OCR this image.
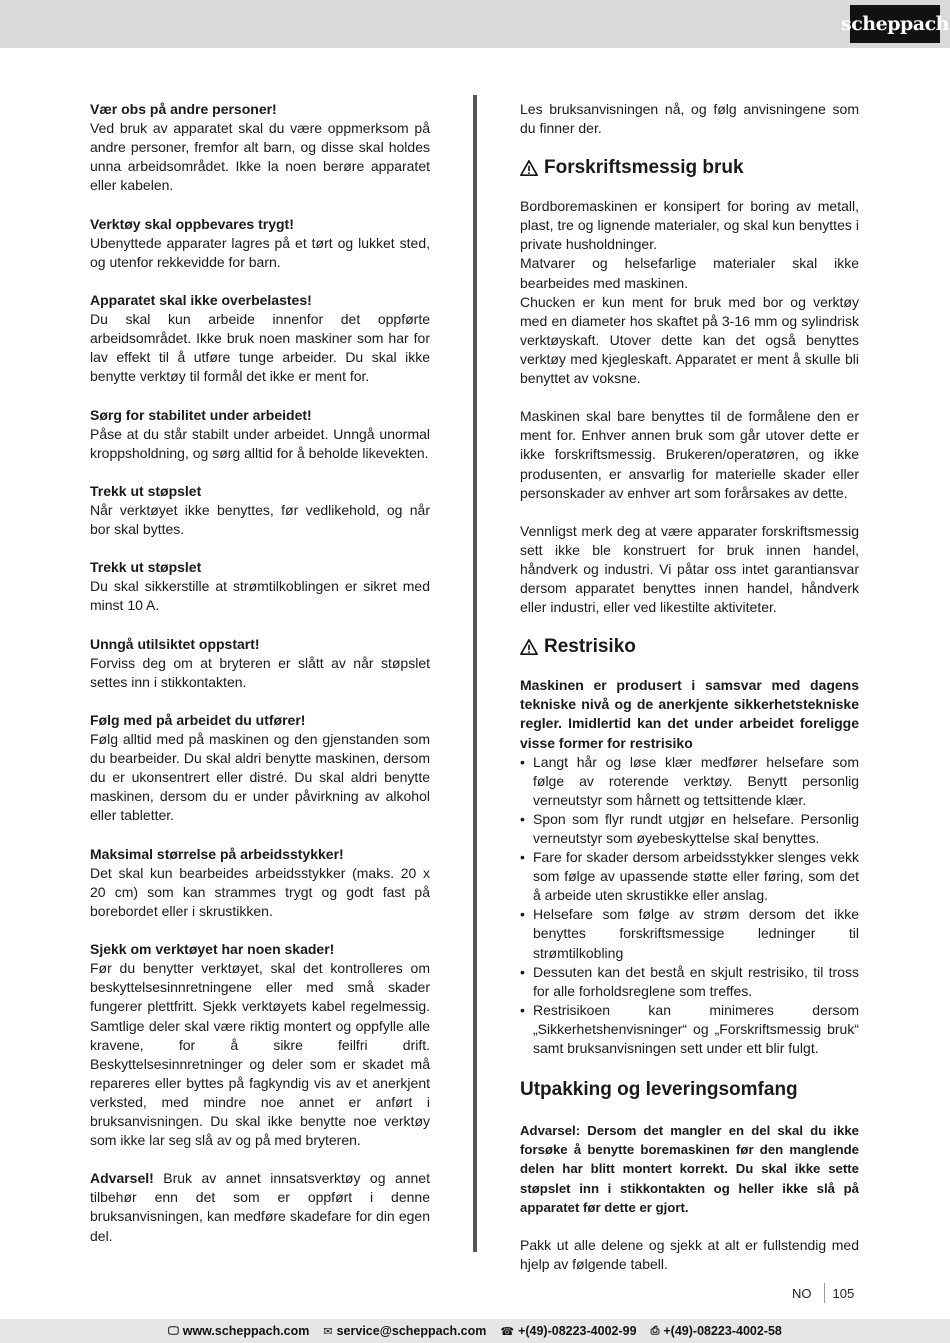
scheppach

Vær obs på andre personer!
Ved bruk av apparatet skal du være oppmerksom på andre personer, fremfor alt barn, og disse skal holdes unna arbeidsområdet. Ikke la noen berøre apparatet eller kabelen.

Verktøy skal oppbevares trygt!
Ubenyttede apparater lagres på et tørt og lukket sted, og utenfor rekkevidde for barn.

Apparatet skal ikke overbelastes!
Du skal kun arbeide innenfor det oppførte arbeidsområdet. Ikke bruk noen maskiner som har for lav effekt til å utføre tunge arbeider. Du skal ikke benytte verktøy til formål det ikke er ment for.

Sørg for stabilitet under arbeidet!
Påse at du står stabilt under arbeidet. Unngå unormal kroppsholdning, og sørg alltid for å beholde likevekten.

Trekk ut støpslet
Når verktøyet ikke benyttes, før vedlikehold, og når bor skal byttes.

Trekk ut støpslet
Du skal sikkerstille at strømtilkoblingen er sikret med minst 10 A.

Unngå utilsiktet oppstart!
Forviss deg om at bryteren er slått av når støpslet settes inn i stikkontakten.

Følg med på arbeidet du utfører!
Følg alltid med på maskinen og den gjenstanden som du bearbeider. Du skal aldri benytte maskinen, dersom du er ukonsentrert eller distré. Du skal aldri benytte maskinen, dersom du er under påvirkning av alkohol eller tabletter.

Maksimal størrelse på arbeidsstykker!
Det skal kun bearbeides arbeidsstykker (maks. 20 x 20 cm) som kan strammes trygt og godt fast på borebordet eller i skrustikken.

Sjekk om verktøyet har noen skader!
Før du benytter verktøyet, skal det kontrolleres om beskyttelsesinnretningene eller med små skader fungerer plettfritt. Sjekk verktøyets kabel regelmessig. Samtlige deler skal være riktig montert og oppfylle alle kravene, for å sikre feilfri drift. Beskyttelsesinnretninger og deler som er skadet må repareres eller byttes på fagkyndig vis av et anerkjent verksted, med mindre noe annet er anført i bruksanvisningen. Du skal ikke benytte noe verktøy som ikke lar seg slå av og på med bryteren.

Advarsel! Bruk av annet innsatsverktøy og annet tilbehør enn det som er oppført i denne bruksanvisningen, kan medføre skadefare for din egen del.

Les bruksanvisningen nå, og følg anvisningene som du finner der.

Forskriftsmessig bruk

Bordboremaskinen er konsipert for boring av metall, plast, tre og lignende materialer, og skal kun benyttes i private husholdninger.

Matvarer og helsefarlige materialer skal ikke bearbeides med maskinen.

Chucken er kun ment for bruk med bor og verktøy med en diameter hos skaftet på 3-16 mm og sylindrisk verktøyskaft. Utover dette kan det også benyttes verktøy med kjegleskaft. Apparatet er ment å skulle bli benyttet av voksne.

Maskinen skal bare benyttes til de formålene den er ment for. Enhver annen bruk som går utover dette er ikke forskriftsmessig. Brukeren/operatøren, og ikke produsenten, er ansvarlig for materielle skader eller personskader av enhver art som forårsakes av dette.

Vennligst merk deg at være apparater forskriftsmessig sett ikke ble konstruert for bruk innen handel, håndverk og industri. Vi påtar oss intet garantiansvar dersom apparatet benyttes innen handel, håndverk eller industri, eller ved likestilte aktiviteter.

Restrisiko

Maskinen er produsert i samsvar med dagens tekniske nivå og de anerkjente sikkerhetstekniske regler. Imidlertid kan det under arbeidet foreligge visse former for restrisiko

• Langt hår og løse klær medfører helsefare som følge av roterende verktøy. Benytt personlig verneutstyr som hårnett og tettsittende klær.
• Spon som flyr rundt utgjør en helsefare. Personlig verneutstyr som øyebeskyttelse skal benyttes.
• Fare for skader dersom arbeidsstykker slenges vekk som følge av upassende støtte eller føring, som det å arbeide uten skrustikke eller anslag.
• Helsefare som følge av strøm dersom det ikke benyttes forskriftsmessige ledninger til strømtilkobling
• Dessuten kan det bestå en skjult restrisiko, til tross for alle forholdsreglene som treffes.
• Restrisikoen kan minimeres dersom „Sikkerhetshenvisninger“ og „Forskriftsmessig bruk“ samt bruksanvisningen sett under ett blir fulgt.
Utpakking og leveringsomfang

Advarsel: Dersom det mangler en del skal du ikke forsøke å benytte boremaskinen før den manglende delen har blitt montert korrekt. Du skal ikke sette støpslet inn i stikkontakten og heller ikke slå på apparatet før dette er gjort.

Pakk ut alle delene og sjekk at alt er fullstendig med hjelp av følgende tabell.

NO 105
🖵 www.scheppach.com ✉ service@scheppach.com ☎ +(49)-08223-4002-99 ⎙ +(49)-08223-4002-58
